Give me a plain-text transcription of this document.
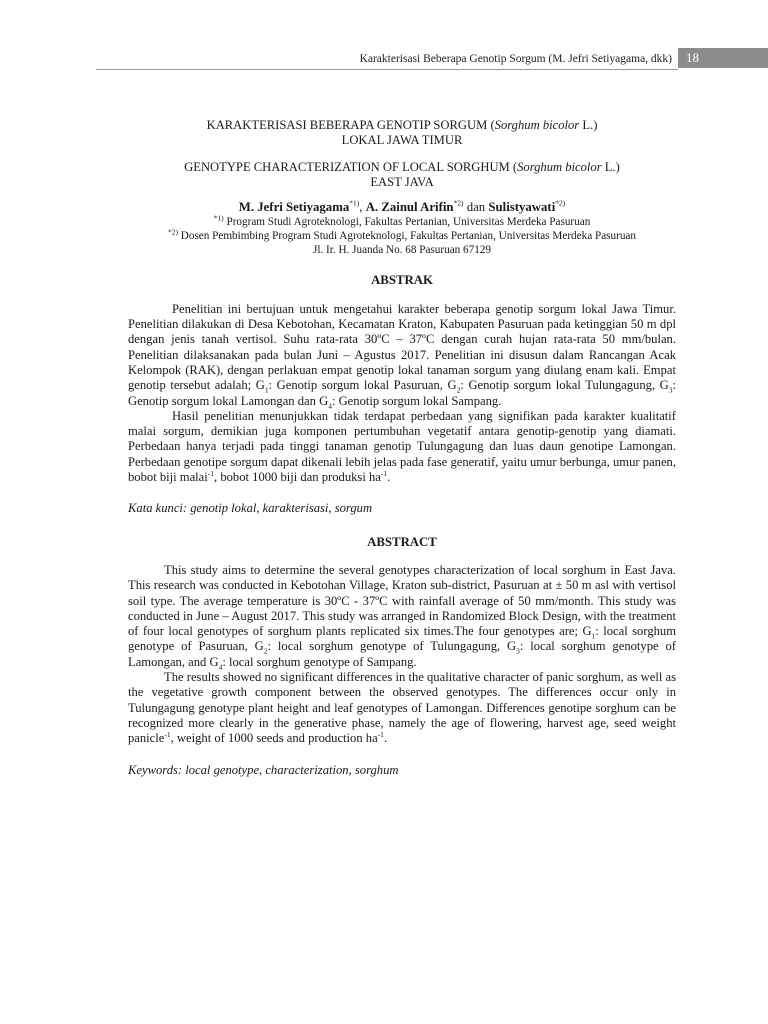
Karakterisasi Beberapa Genotip Sorgum (M. Jefri Setiyagama, dkk)	18
KARAKTERISASI BEBERAPA GENOTIP SORGUM (Sorghum bicolor L.)
LOKAL JAWA TIMUR
GENOTYPE CHARACTERIZATION OF LOCAL SORGHUM (Sorghum bicolor L.)
EAST JAVA
M. Jefri Setiyagama$^{*1)}$, A. Zainul Arifin$^{*2)}$ dan Sulistyawati$^{*2)}$
$^{*1)}$ Program Studi Agroteknologi, Fakultas Pertanian, Universitas Merdeka Pasuruan
$^{*2)}$ Dosen Pembimbing Program Studi Agroteknologi, Fakultas Pertanian, Universitas Merdeka Pasuruan
Jl. Ir. H. Juanda No. 68 Pasuruan 67129
ABSTRAK

Penelitian ini bertujuan untuk mengetahui karakter beberapa genotip sorgum lokal Jawa Timur. Penelitian dilakukan di Desa Kebotohan, Kecamatan Kraton, Kabupaten Pasuruan pada ketinggian 50 m dpl dengan jenis tanah vertisol. Suhu rata-rata 30ºC – 37ºC dengan curah hujan rata-rata 50 mm/bulan. Penelitian dilaksanakan pada bulan Juni – Agustus 2017. Penelitian ini disusun dalam Rancangan Acak Kelompok (RAK), dengan perlakuan empat genotip lokal tanaman sorgum yang diulang enam kali. Empat genotip tersebut adalah; $G_1$: Genotip sorgum lokal Pasuruan, $G_2$: Genotip sorgum lokal Tulungagung, $G_3$: Genotip sorgum lokal Lamongan dan $G_4$: Genotip sorgum lokal Sampang.

Hasil penelitian menunjukkan tidak terdapat perbedaan yang signifikan pada karakter kualitatif malai sorgum, demikian juga komponen pertumbuhan vegetatif antara genotip-genotip yang diamati. Perbedaan hanya terjadi pada tinggi tanaman genotip Tulungagung dan luas daun genotipe Lamongan. Perbedaan genotipe sorgum dapat dikenali lebih jelas pada fase generatif, yaitu umur berbunga, umur panen, bobot biji malai$^{-1}$, bobot 1000 biji dan produksi $ha^{-1}$.

Kata kunci: genotip lokal, karakterisasi, sorgum

ABSTRACT

This study aims to determine the several genotypes characterization of local sorghum in East Java. This research was conducted in Kebotohan Village, Kraton sub-district, Pasuruan at ± 50 m asl with vertisol soil type. The average temperature is 30ºC - 37ºC with rainfall average of 50 mm/month. This study was conducted in June – August 2017. This study was arranged in Randomized Block Design, with the treatment of four local genotypes of sorghum plants replicated six times.The four genotypes are; $G_1$: local sorghum genotype of Pasuruan, $G_2$: local sorghum genotype of Tulungagung, $G_3$: local sorghum genotype of Lamongan, and $G_4$: local sorghum genotype of Sampang.

The results showed no significant differences in the qualitative character of panic sorghum, as well as the vegetative growth component between the observed genotypes. The differences occur only in Tulungagung genotype plant height and leaf genotypes of Lamongan. Differences genotipe sorghum can be recognized more clearly in the generative phase, namely the age of flowering, harvest age, seed weight panicle$^{-1}$, weight of 1000 seeds and production $ha^{-1}$.

Keywords: local genotype, characterization, sorghum
